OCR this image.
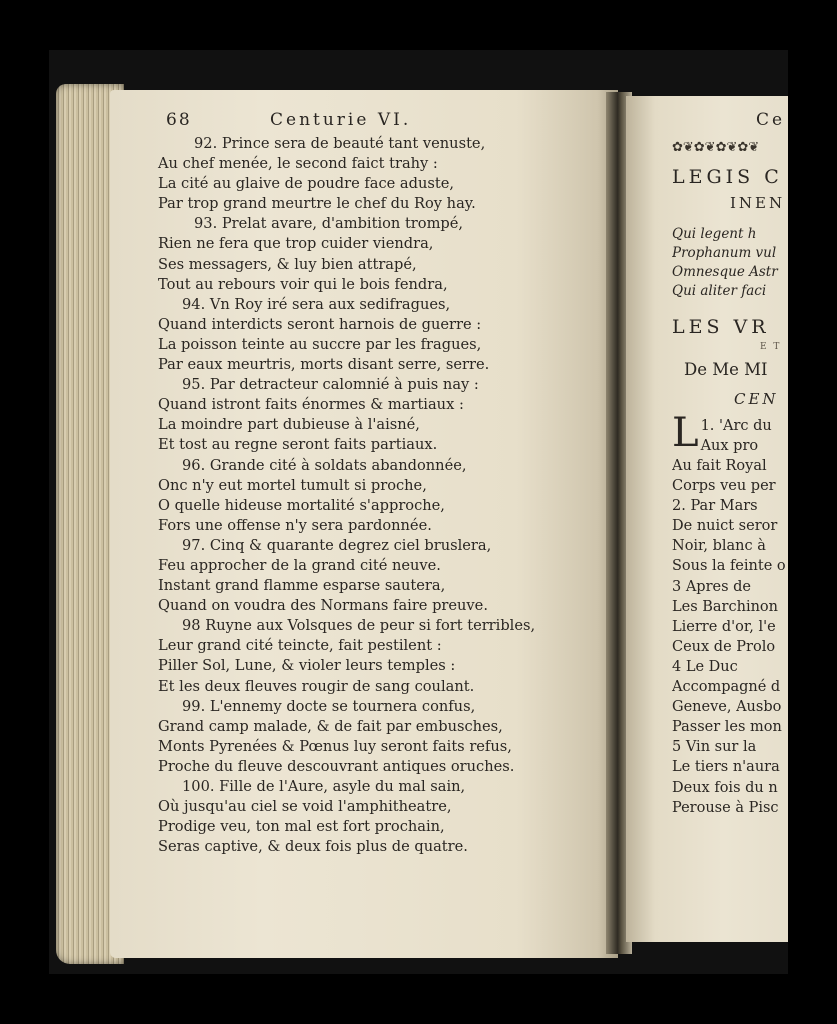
68	Centurie VI.
92. Prince sera de beauté tant venuste,
Au chef menée, le second faict trahy :
La cité au glaive de poudre face aduste,
Par trop grand meurtre le chef du Roy hay.
93. Prelat avare, d'ambition trompé,
Rien ne fera que trop cuider viendra,
Ses messagers, & luy bien attrapé,
Tout au rebours voir qui le bois fendra,
94. Vn Roy iré sera aux sedifragues,
Quand interdicts seront harnois de guerre :
La poisson teinte au succre par les fragues,
Par eaux meurtris, morts disant serre, serre.
95. Par detracteur calomnié à puis nay :
Quand istront faits énormes & martiaux :
La moindre part dubieuse à l'aisné,
Et tost au regne seront faits partiaux.
96. Grande cité à soldats abandonnée,
Onc n'y eut mortel tumult si proche,
O quelle hideuse mortalité s'approche,
Fors une offense n'y sera pardonnée.
97. Cinq & quarante degrez ciel bruslera,
Feu approcher de la grand cité neuve.
Instant grand flamme esparse sautera,
Quand on voudra des Normans faire preuve.
98 Ruyne aux Volsques de peur si fort terribles,
Leur grand cité teincte, fait pestilent :
Piller Sol, Lune, & violer leurs temples :
Et les deux fleuves rougir de sang coulant.
99. L'ennemy docte se tournera confus,
Grand camp malade, & de fait par embusches,
Monts Pyrenées & Pœnus luy seront faits refus,
Proche du fleuve descouvrant antiques oruches.
100. Fille de l'Aure, asyle du mal sain,
Où jusqu'au ciel se void l'amphitheatre,
Prodige veu, ton mal est fort prochain,
Seras captive, & deux fois plus de quatre.
Ce
✿❦✿❦✿❦✿❦
LEGIS C
INEN
Qui legent h
Prophanum vul
Omnesque Astr
Qui aliter faci
LES VR
E T
De Me MI
CEN
L 1. 'Arc du
Aux pro
Au fait Royal
Corps veu per
2. Par Mars
De nuict seror
Noir, blanc à
Sous la feinte o
3 Apres de
Les Barchinon
Lierre d'or, l'e
Ceux de Prolo
4 Le Duc
Accompagné d
Geneve, Ausbo
Passer les mon
5 Vin sur la
Le tiers n'aura
Deux fois du n
Perouse à Pisc
